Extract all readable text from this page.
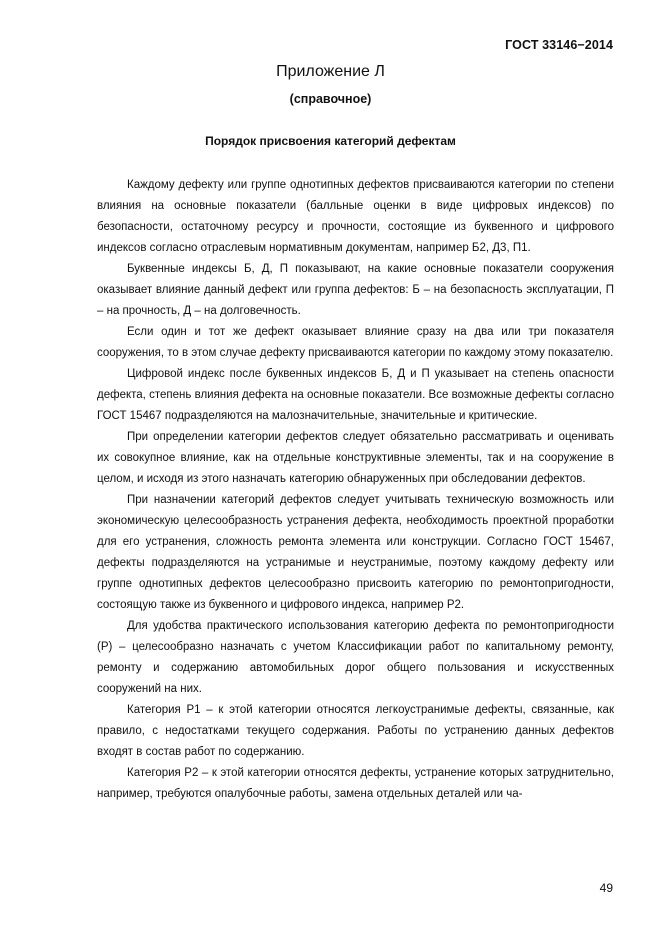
ГОСТ 33146−2014
Приложение Л
(справочное)
Порядок присвоения категорий дефектам

Каждому дефекту или группе однотипных дефектов присваиваются категории по степени влияния на основные показатели (балльные оценки в виде цифровых индексов) по безопасности, остаточному ресурсу и прочности, состоящие из буквенного и цифрового индексов согласно отраслевым нормативным документам, например Б2, Д3, П1.

Буквенные индексы Б, Д, П показывают, на какие основные показатели сооружения оказывает влияние данный дефект или группа дефектов: Б – на безопасность эксплуатации, П – на прочность, Д – на долговечность.

Если один и тот же дефект оказывает влияние сразу на два или три показателя сооружения, то в этом случае дефекту присваиваются категории по каждому этому показателю.

Цифровой индекс после буквенных индексов Б, Д и П указывает на степень опасности дефекта, степень влияния дефекта на основные показатели. Все возможные дефекты согласно ГОСТ 15467 подразделяются на малозначительные, значительные и критические.

При определении категории дефектов следует обязательно рассматривать и оценивать их совокупное влияние, как на отдельные конструктивные элементы, так и на сооружение в целом, и исходя из этого назначать категорию обнаруженных при обследовании дефектов.

При назначении категорий дефектов следует учитывать техническую возможность или экономическую целесообразность устранения дефекта, необходимость проектной проработки для его устранения, сложность ремонта элемента или конструкции. Согласно ГОСТ 15467, дефекты подразделяются на устранимые и неустранимые, поэтому каждому дефекту или группе однотипных дефектов целесообразно присвоить категорию по ремонтопригодности, состоящую также из буквенного и цифрового индекса, например Р2.

Для удобства практического использования категорию дефекта по ремонтопригодности (Р) – целесообразно назначать с учетом Классификации работ по капитальному ремонту, ремонту и содержанию автомобильных дорог общего пользования и искусственных сооружений на них.

Категория Р1 – к этой категории относятся легкоустранимые дефекты, связанные, как правило, с недостатками текущего содержания. Работы по устранению данных дефектов входят в состав работ по содержанию.

Категория Р2 – к этой категории относятся дефекты, устранение которых затруднительно, например, требуются опалубочные работы, замена отдельных деталей или ча-

49
